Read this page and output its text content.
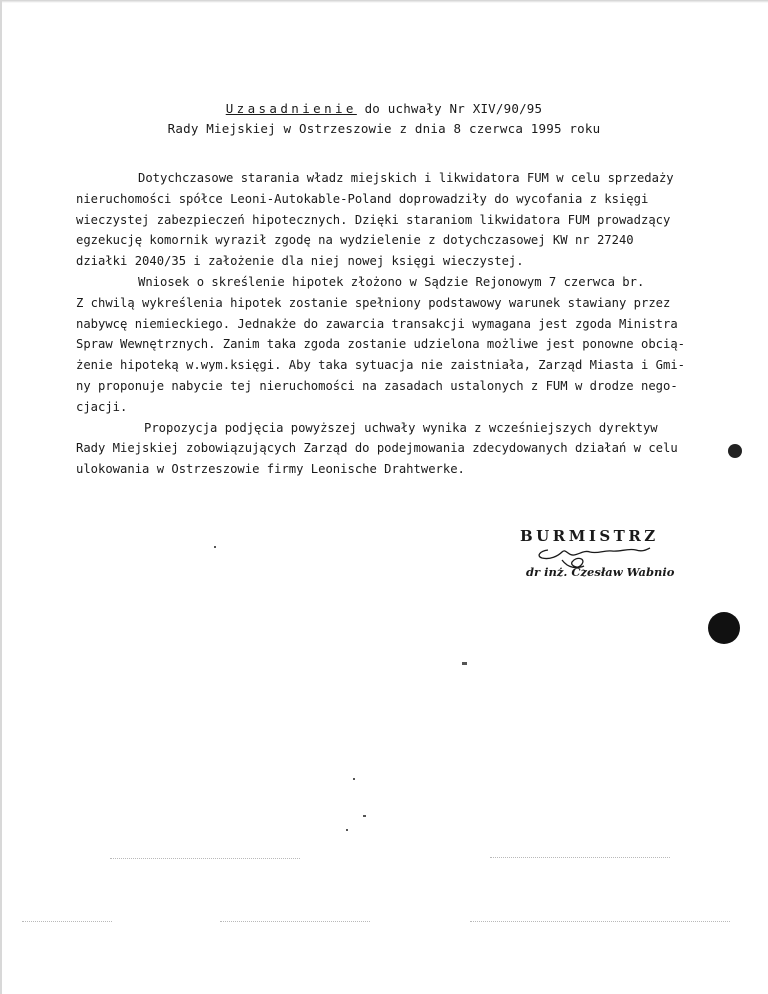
Uzasadnienie do uchwały Nr XIV/90/95
Rady Miejskiej w Ostrzeszowie z dnia 8 czerwca 1995 roku
Dotychczasowe starania władz miejskich i likwidatora FUM w celu sprzedaży
nieruchomości spółce Leoni-Autokable-Poland doprowadziły do wycofania z księgi
wieczystej zabezpieczeń hipotecznych. Dzięki staraniom likwidatora FUM prowadzący
egzekucję komornik wyraził zgodę na wydzielenie z dotychczasowej KW nr 27240
działki 2040/35 i założenie dla niej nowej księgi wieczystej.
Wniosek o skreślenie hipotek złożono w Sądzie Rejonowym 7 czerwca br.
Z chwilą wykreślenia hipotek zostanie spełniony podstawowy warunek stawiany przez
nabywcę niemieckiego. Jednakże do zawarcia transakcji wymagana jest zgoda Ministra
Spraw Wewnętrznych. Zanim taka zgoda zostanie udzielona możliwe jest ponowne obcią-
żenie hipoteką w.wym.księgi. Aby taka sytuacja nie zaistniała, Zarząd Miasta i Gmi-
ny proponuje nabycie tej nieruchomości na zasadach ustalonych z FUM w drodze nego-
cjacji.
Propozycja podjęcia powyższej uchwały wynika z wcześniejszych dyrektyw
Rady Miejskiej zobowiązujących Zarząd do podejmowania zdecydowanych działań w celu
ulokowania w Ostrzeszowie firmy Leonische Drahtwerke.
BURMISTRZ
dr inż. Czesław Wabnio
